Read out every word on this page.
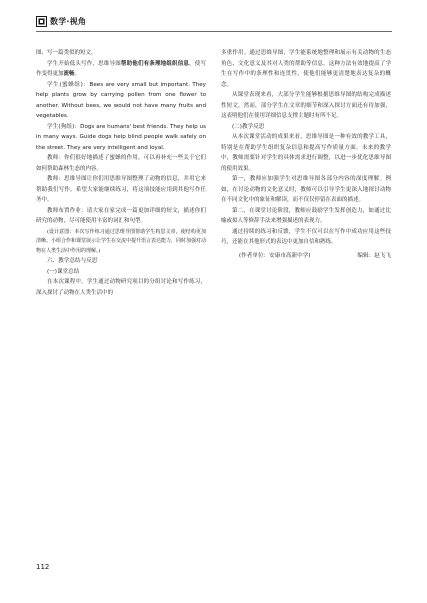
数学·视角

图、写一篇类似的短文。

学生开始低头写作，思维导图帮助他们有条理地组织信息，使写作变得更加流畅。

学生(蜜蜂组)：Bees are very small but important. They help plants grow by carrying pollen from one flower to another. Without bees, we would not have many fruits and vegetables.

学生(狗组)：Dogs are humans' best friends. They help us in many ways. Guide dogs help blind people walk safely on the street. They are very intelligent and loyal.

教师：你们很好地描述了蜜蜂的作用，可以再补充一些关于它们如何帮助森林生态的内容。

教师：思维导图让你们用思维导图整理了动物的信息，并用它来帮助我们写作。希望大家能继续练习，将这项技能应用到其他写作任务中。

教师布置作业：请大家在家完成一篇更加详细的短文，描述你们研究的动物，尽可能使用丰富的词汇和句型。

(设计意图：本次写作练习通过思维导图帮助学生构思文章，使结构更加清晰。小组合作和课堂展示让学生在交流中提升语言表达能力，同时加强对动物在人类生活中作用的理解。)

六、教学总结与反思

(一)课堂总结

在本次课程中，学生通过动物研究项目的分组讨论和写作练习，深入探讨了动物在人类生活中的

多重作用。通过思维导图，学生能系统地整理和展示有关动物的生态角色、文化意义及其对人类的帮助等信息。这种方法有效地提高了学生在写作中的条理性和连贯性，使他们能够更清楚地表达复杂的概念。

从课堂表现来看，大部分学生能够根据思维导图的结构完成描述性短文。然而，部分学生在文章的细节和深入探讨方面还有待加强，这表明他们在使用详细信息支撑主题时有所不足。

(二)教学反思

从本次课堂活动的成果来看，思维导图是一种有效的教学工具，特别是在帮助学生组织复杂信息和提高写作质量方面。未来的教学中，教师需要针对学生的具体需求进行调整，以进一步优化思维导图的使用效果。

第一，教师应加强学生对思维导图各部分内容的深度理解。例如，在讨论动物的文化意义时，教师可以引导学生更深入地探讨动物在不同文化中的象征和解读，而不仅仅停留在表面的描述。

第二，在课堂讨论阶段，教师应鼓励学生发挥创造力，如通过比喻或拟人等修辞手法来增强描述的表现力。

通过持续的练习和反馈，学生不仅可以在写作中成功应用这些技巧，还能在其他形式的表达中更加自信和熟练。

(作者单位：安康市高新中学)	编辑：赵飞飞
112
